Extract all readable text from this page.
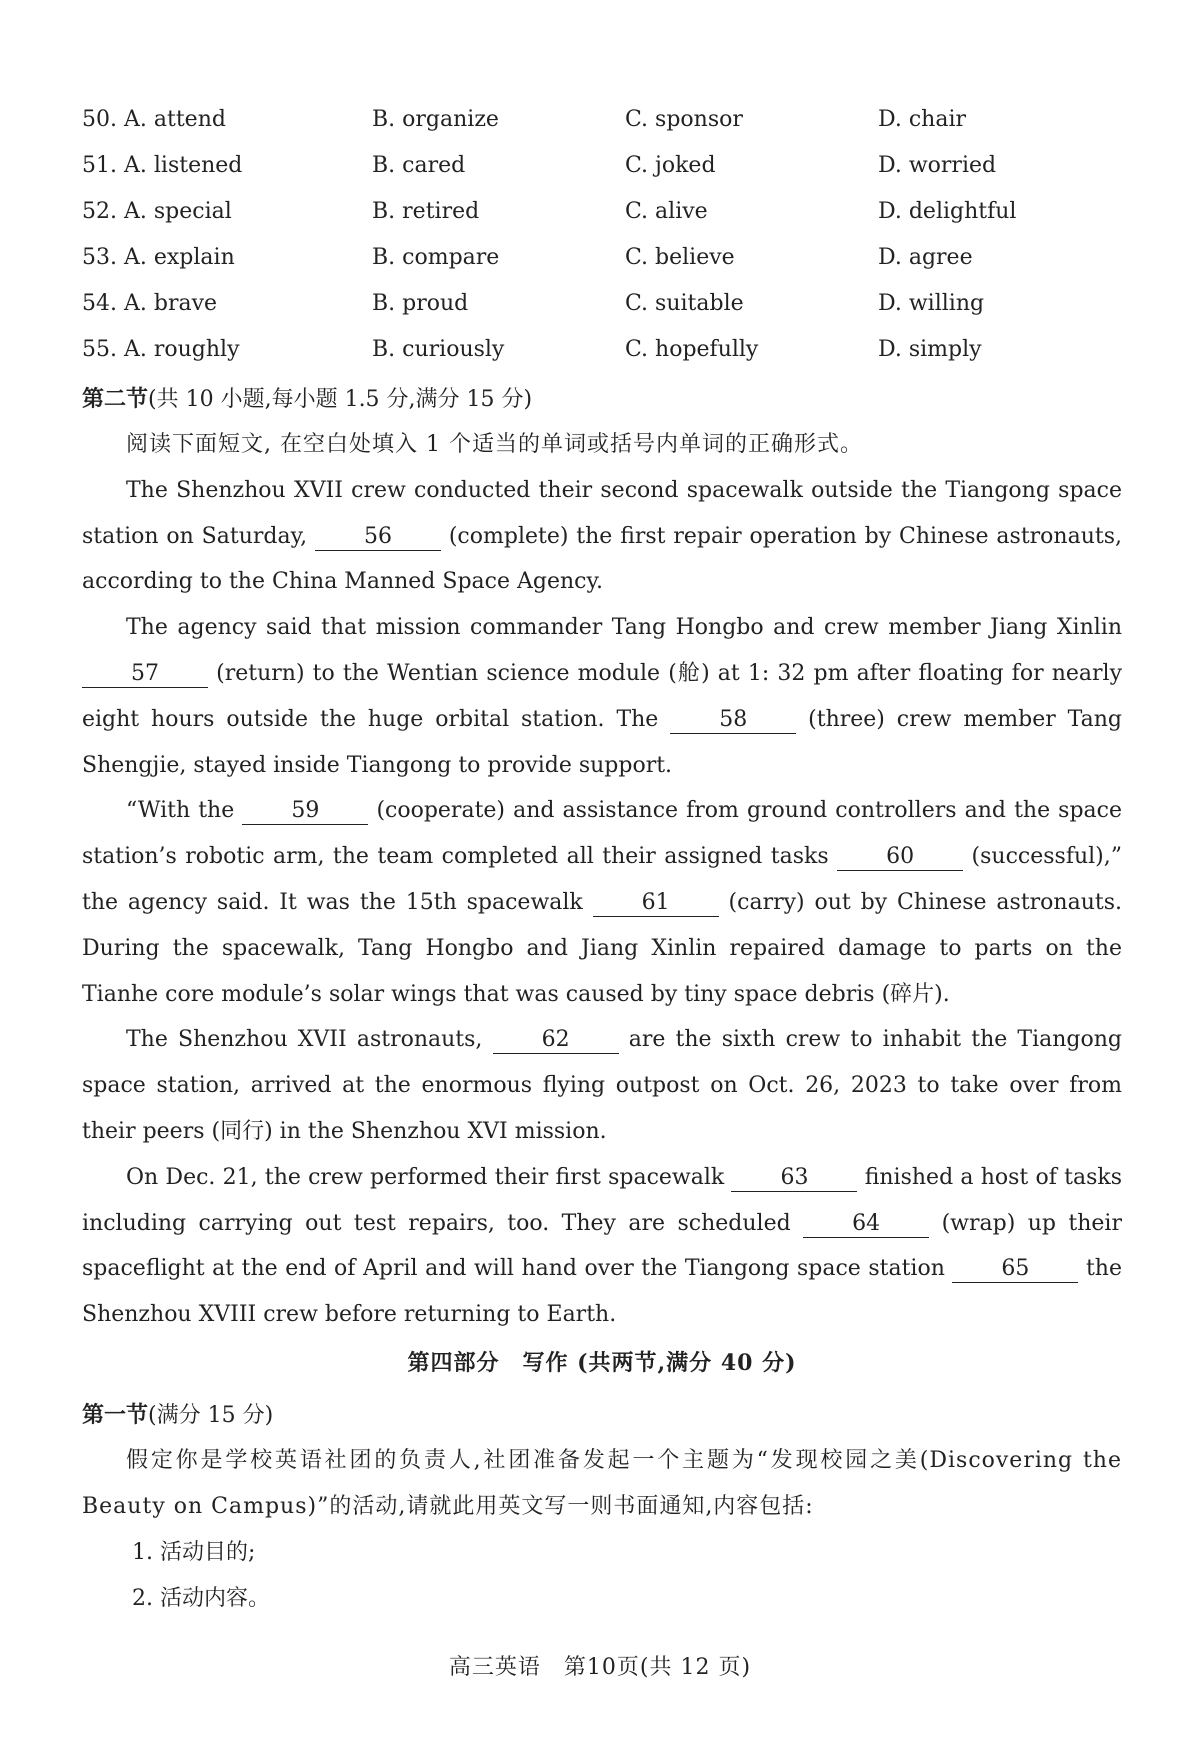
50. A. attend	B. organize	C. sponsor	D. chair
51. A. listened	B. cared	C. joked	D. worried
52. A. special	B. retired	C. alive	D. delightful
53. A. explain	B. compare	C. believe	D. agree
54. A. brave	B. proud	C. suitable	D. willing
55. A. roughly	B. curiously	C. hopefully	D. simply
第二节(共 10 小题,每小题 1.5 分,满分 15 分)

阅读下面短文, 在空白处填入 1 个适当的单词或括号内单词的正确形式。

The Shenzhou XVII crew conducted their second spacewalk outside the Tiangong space station on Saturday,	56	(complete) the first repair operation by Chinese astronauts, according to the China Manned Space Agency.

The agency said that mission commander Tang Hongbo and crew member Jiang Xinlin 57	(return) to the Wentian science module (舱) at 1: 32 pm after floating for nearly eight hours outside the huge orbital station. The	58	(three) crew member Tang Shengjie, stayed inside Tiangong to provide support.

“With the	59	(cooperate) and assistance from ground controllers and the space station’s robotic arm, the team completed all their assigned tasks	60	(successful),” the agency said. It was the 15th spacewalk	61	(carry) out by Chinese astronauts. During the spacewalk, Tang Hongbo and Jiang Xinlin repaired damage to parts on the Tianhe core module’s solar wings that was caused by tiny space debris (碎片).

The Shenzhou XVII astronauts,	62	are the sixth crew to inhabit the Tiangong space station, arrived at the enormous flying outpost on Oct. 26, 2023 to take over from their peers (同行) in the Shenzhou XVI mission.

On Dec. 21, the crew performed their first spacewalk	63	finished a host of tasks including carrying out test repairs, too. They are scheduled	64	(wrap) up their spaceflight at the end of April and will hand over the Tiangong space station	65	the Shenzhou XVIII crew before returning to Earth.

第四部分　写作 (共两节,满分 40 分)
第一节(满分 15 分)

假定你是学校英语社团的负责人,社团准备发起一个主题为“发现校园之美(Discovering the Beauty on Campus)”的活动,请就此用英文写一则书面通知,内容包括:

1. 活动目的;

2. 活动内容。

高三英语　第10页(共 12 页)
